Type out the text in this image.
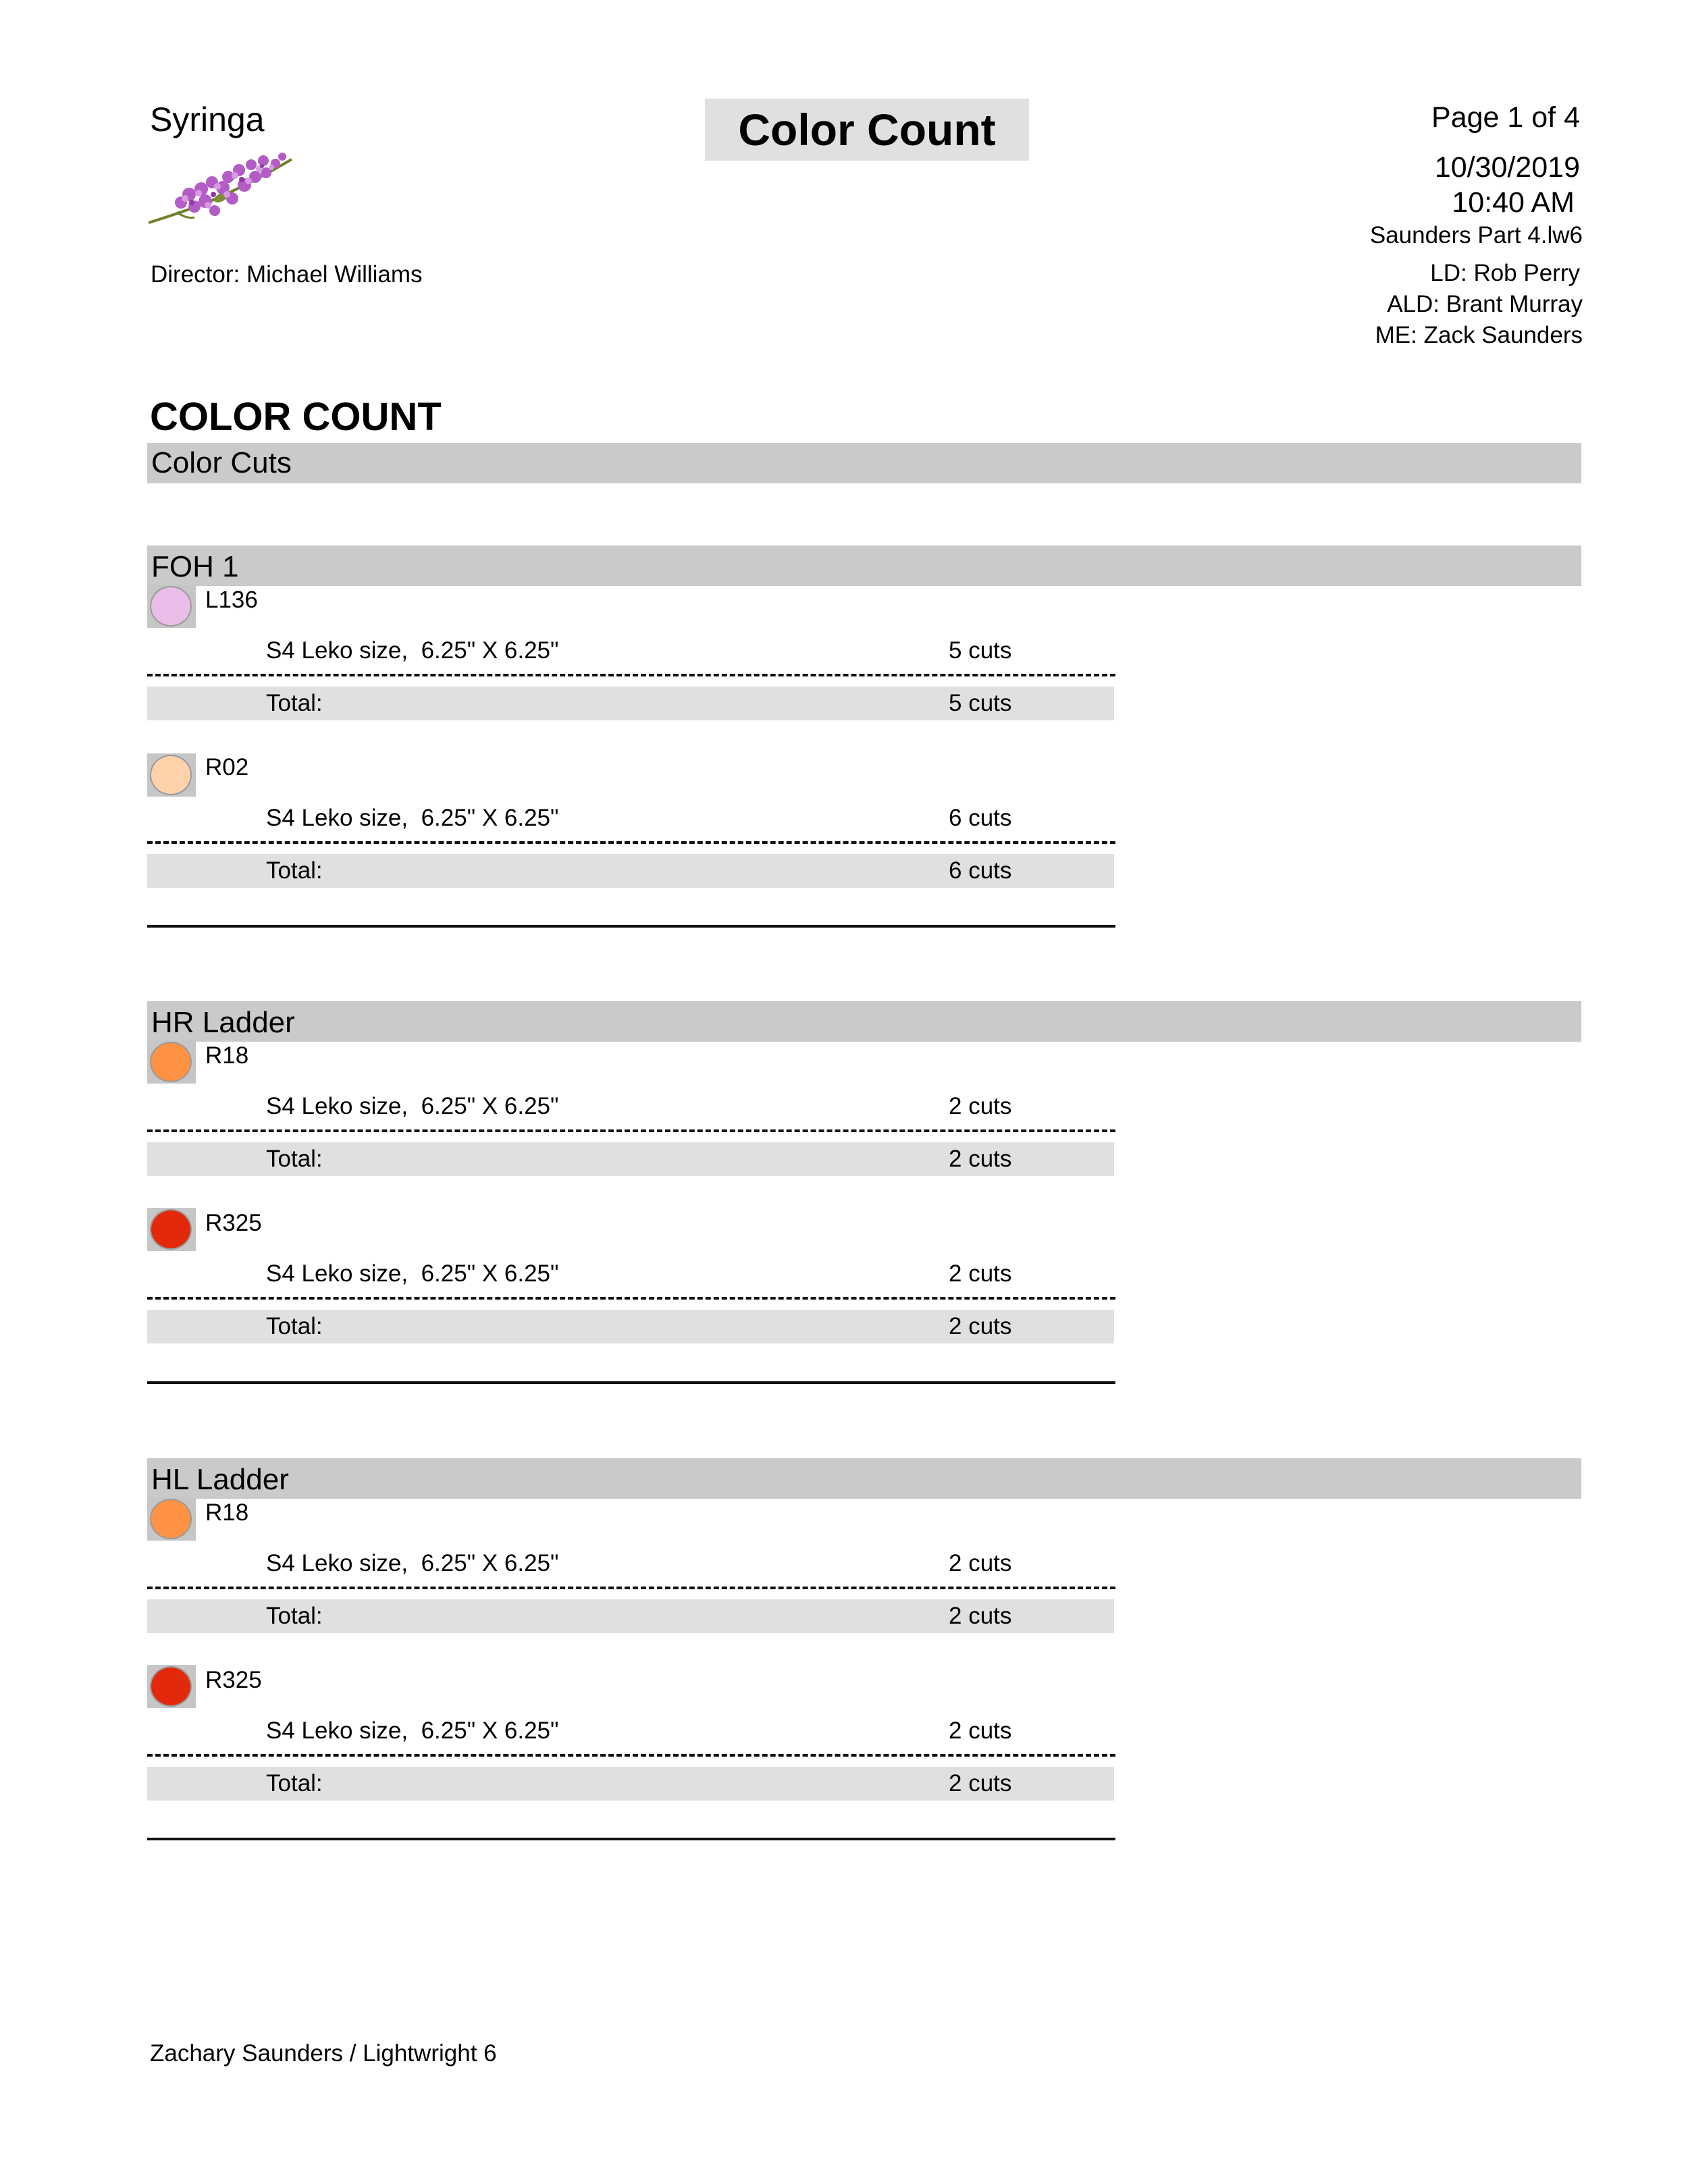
Syringa
Director: Michael Williams
Color Count	Page 1 of 4
10/30/2019
10:40 AM
Saunders Part 4.lw6
LD: Rob Perry
ALD: Brant Murray
ME: Zack Saunders
COLOR COUNT
Color Cuts
FOH 1
L136
S4 Leko size,  6.25" X 6.25"	5 cuts
Total:	5 cuts
R02
S4 Leko size,  6.25" X 6.25"	6 cuts
Total:	6 cuts
HR Ladder
R18
S4 Leko size,  6.25" X 6.25"	2 cuts
Total:	2 cuts
R325
S4 Leko size,  6.25" X 6.25"	2 cuts
Total:	2 cuts
HL Ladder
R18
S4 Leko size,  6.25" X 6.25"	2 cuts
Total:	2 cuts
R325
S4 Leko size,  6.25" X 6.25"	2 cuts
Total:	2 cuts
Zachary Saunders / Lightwright 6
